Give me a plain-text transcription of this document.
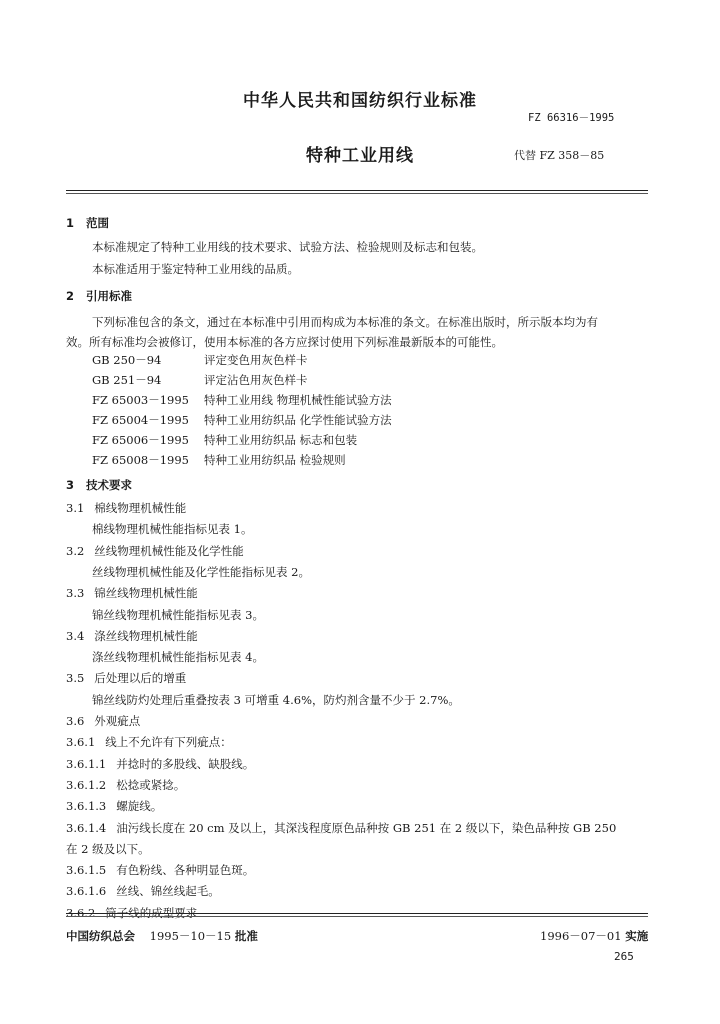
中华人民共和国纺织行业标准
FZ 66316－1995
特种工业用线	代替 FZ 358－85
1 范围
本标准规定了特种工业用线的技术要求、试验方法、检验规则及标志和包装。
本标准适用于鉴定特种工业用线的品质。
2 引用标准
下列标准包含的条文，通过在本标准中引用而构成为本标准的条文。在标准出版时，所示版本均为有
效。所有标准均会被修订，使用本标准的各方应探讨使用下列标准最新版本的可能性。
GB 250－94	评定变色用灰色样卡
GB 251－94	评定沾色用灰色样卡
FZ 65003－1995 特种工业用线 物理机械性能试验方法
FZ 65004－1995 特种工业用纺织品 化学性能试验方法
FZ 65006－1995 特种工业用纺织品 标志和包装
FZ 65008－1995 特种工业用纺织品 检验规则
3 技术要求
3.1 棉线物理机械性能
棉线物理机械性能指标见表 1。
3.2 丝线物理机械性能及化学性能
丝线物理机械性能及化学性能指标见表 2。
3.3 锦丝线物理机械性能
锦丝线物理机械性能指标见表 3。
3.4 涤丝线物理机械性能
涤丝线物理机械性能指标见表 4。
3.5 后处理以后的增重
锦丝线防灼处理后重叠按表 3 可增重 4.6%，防灼剂含量不少于 2.7%。
3.6 外观疵点
3.6.1 线上不允许有下列疵点：
3.6.1.1 并捻时的多股线、缺股线。
3.6.1.2 松捻或紧捻。
3.6.1.3 螺旋线。
3.6.1.4 油污线长度在 20 cm 及以上，其深浅程度原色品种按 GB 251 在 2 级以下，染色品种按 GB 250
在 2 级及以下。
3.6.1.5 有色粉线、各种明显色斑。
3.6.1.6 丝线、锦丝线起毛。
3.6.2 筒子线的成型要求
中国纺织总会 1995－10－15 批准	1996－07－01 实施
265
